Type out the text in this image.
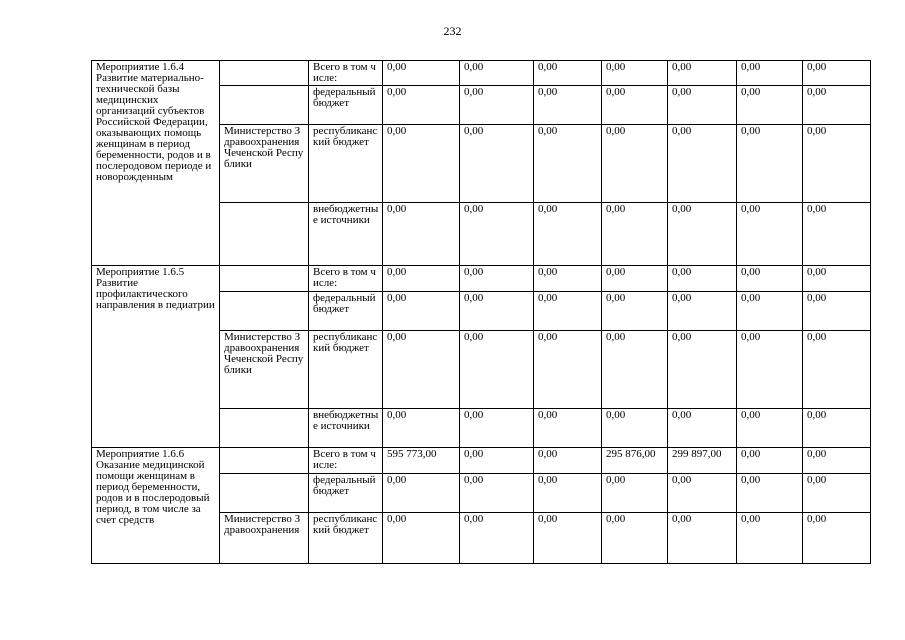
232
Мероприятие 1.6.4 Развитие материально-технической базы медицинских организаций субъектов Российской Федерации, оказывающих помощь женщинам в период беременности, родов и в послеродовом периоде и новорожденным		Всего в том числе:	0,00	0,00	0,00	0,00	0,00	0,00	0,00
		федеральный бюджет	0,00	0,00	0,00	0,00	0,00	0,00	0,00
	Министерство Здравоохранения Чеченской Республики	республиканский бюджет	0,00	0,00	0,00	0,00	0,00	0,00	0,00
		внебюджетные источники	0,00	0,00	0,00	0,00	0,00	0,00	0,00
Мероприятие 1.6.5 Развитие профилактического направления в педиатрии		Всего в том числе:	0,00	0,00	0,00	0,00	0,00	0,00	0,00
		федеральный бюджет	0,00	0,00	0,00	0,00	0,00	0,00	0,00
	Министерство Здравоохранения Чеченской Республики	республиканский бюджет	0,00	0,00	0,00	0,00	0,00	0,00	0,00
		внебюджетные источники	0,00	0,00	0,00	0,00	0,00	0,00	0,00
Мероприятие 1.6.6 Оказание медицинской помощи женщинам в период беременности, родов и в послеродовый период, в том числе за счет средств		Всего в том числе:	595 773,00	0,00	0,00	295 876,00	299 897,00	0,00	0,00
		федеральный бюджет	0,00	0,00	0,00	0,00	0,00	0,00	0,00
	Министерство Здравоохранения	республиканский бюджет	0,00	0,00	0,00	0,00	0,00	0,00	0,00
